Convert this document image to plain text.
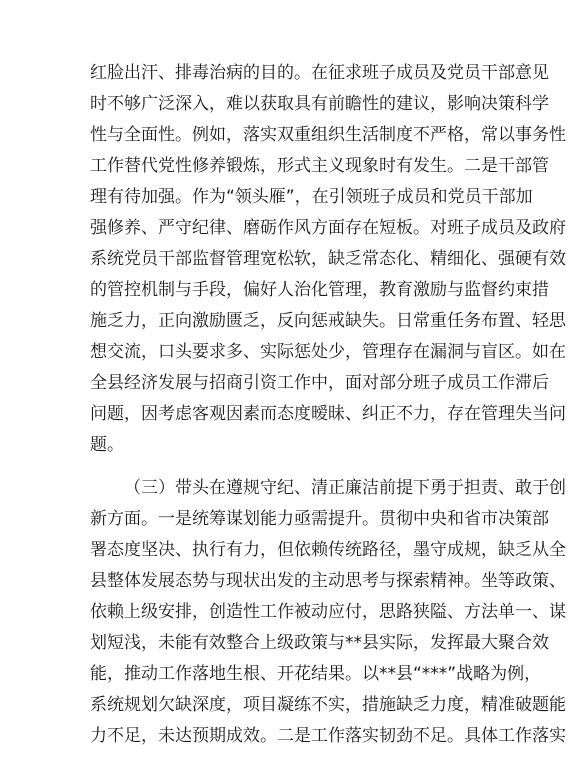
红脸出汗、排毒治病的目的。在征求班子成员及党员干部意见
时不够广泛深入，难以获取具有前瞻性的建议，影响决策科学
性与全面性。例如，落实双重组织生活制度不严格，常以事务性
工作替代党性修养锻炼，形式主义现象时有发生。二是干部管
理有待加强。作为“领头雁”，在引领班子成员和党员干部加
强修养、严守纪律、磨砺作风方面存在短板。对班子成员及政府
系统党员干部监督管理宽松软，缺乏常态化、精细化、强硬有效
的管控机制与手段，偏好人治化管理，教育激励与监督约束措
施乏力，正向激励匮乏，反向惩戒缺失。日常重任务布置、轻思
想交流，口头要求多、实际惩处少，管理存在漏洞与盲区。如在
全县经济发展与招商引资工作中，面对部分班子成员工作滞后
问题，因考虑客观因素而态度暧昧、纠正不力，存在管理失当问
题。
（三）带头在遵规守纪、清正廉洁前提下勇于担责、敢于创
新方面。一是统筹谋划能力亟需提升。贯彻中央和省市决策部
署态度坚决、执行有力，但依赖传统路径，墨守成规，缺乏从全
县整体发展态势与现状出发的主动思考与探索精神。坐等政策、
依赖上级安排，创造性工作被动应付，思路狭隘、方法单一、谋
划短浅，未能有效整合上级政策与**县实际，发挥最大聚合效
能，推动工作落地生根、开花结果。以**县“***”战略为例，
系统规划欠缺深度，项目凝练不实，措施缺乏力度，精准破题能
力不足，未达预期成效。二是工作落实韧劲不足。具体工作落实
